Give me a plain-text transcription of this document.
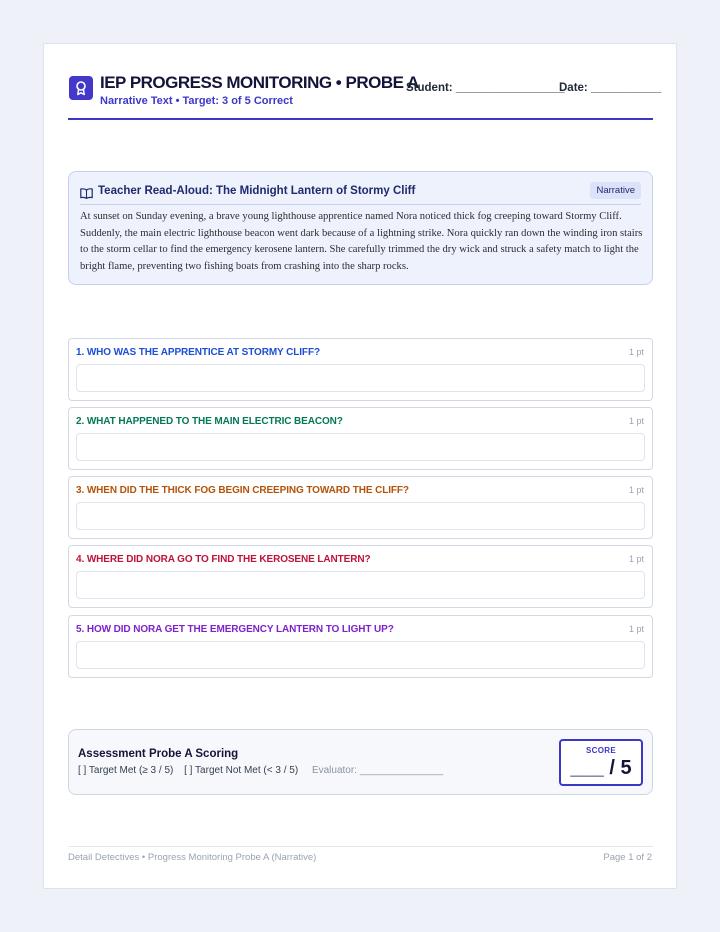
IEP PROGRESS MONITORING • PROBE A
Narrative Text • Target: 3 of 5 Correct
Student: _________________
Date: ___________
Teacher Read-Aloud: The Midnight Lantern of Stormy Cliff	Narrative
At sunset on Sunday evening, a brave young lighthouse apprentice named Nora noticed thick fog creeping toward Stormy Cliff. Suddenly, the main electric lighthouse beacon went dark because of a lightning strike. Nora quickly ran down the winding iron stairs to the storm cellar to find the emergency kerosene lantern. She carefully trimmed the dry wick and struck a safety match to light the bright flame, preventing two fishing boats from crashing into the sharp rocks.
1. WHO WAS THE APPRENTICE AT STORMY CLIFF?	1 pt
2. WHAT HAPPENED TO THE MAIN ELECTRIC BEACON?	1 pt
3. WHEN DID THE THICK FOG BEGIN CREEPING TOWARD THE CLIFF?	1 pt
4. WHERE DID NORA GO TO FIND THE KEROSENE LANTERN?	1 pt
5. HOW DID NORA GET THE EMERGENCY LANTERN TO LIGHT UP?	1 pt
Assessment Probe A Scoring
[ ] Target Met (≥ 3 / 5) [ ] Target Not Met (< 3 / 5) Evaluator: _______________
SCORE
___ / 5
Detail Detectives • Progress Monitoring Probe A (Narrative)	Page 1 of 2
